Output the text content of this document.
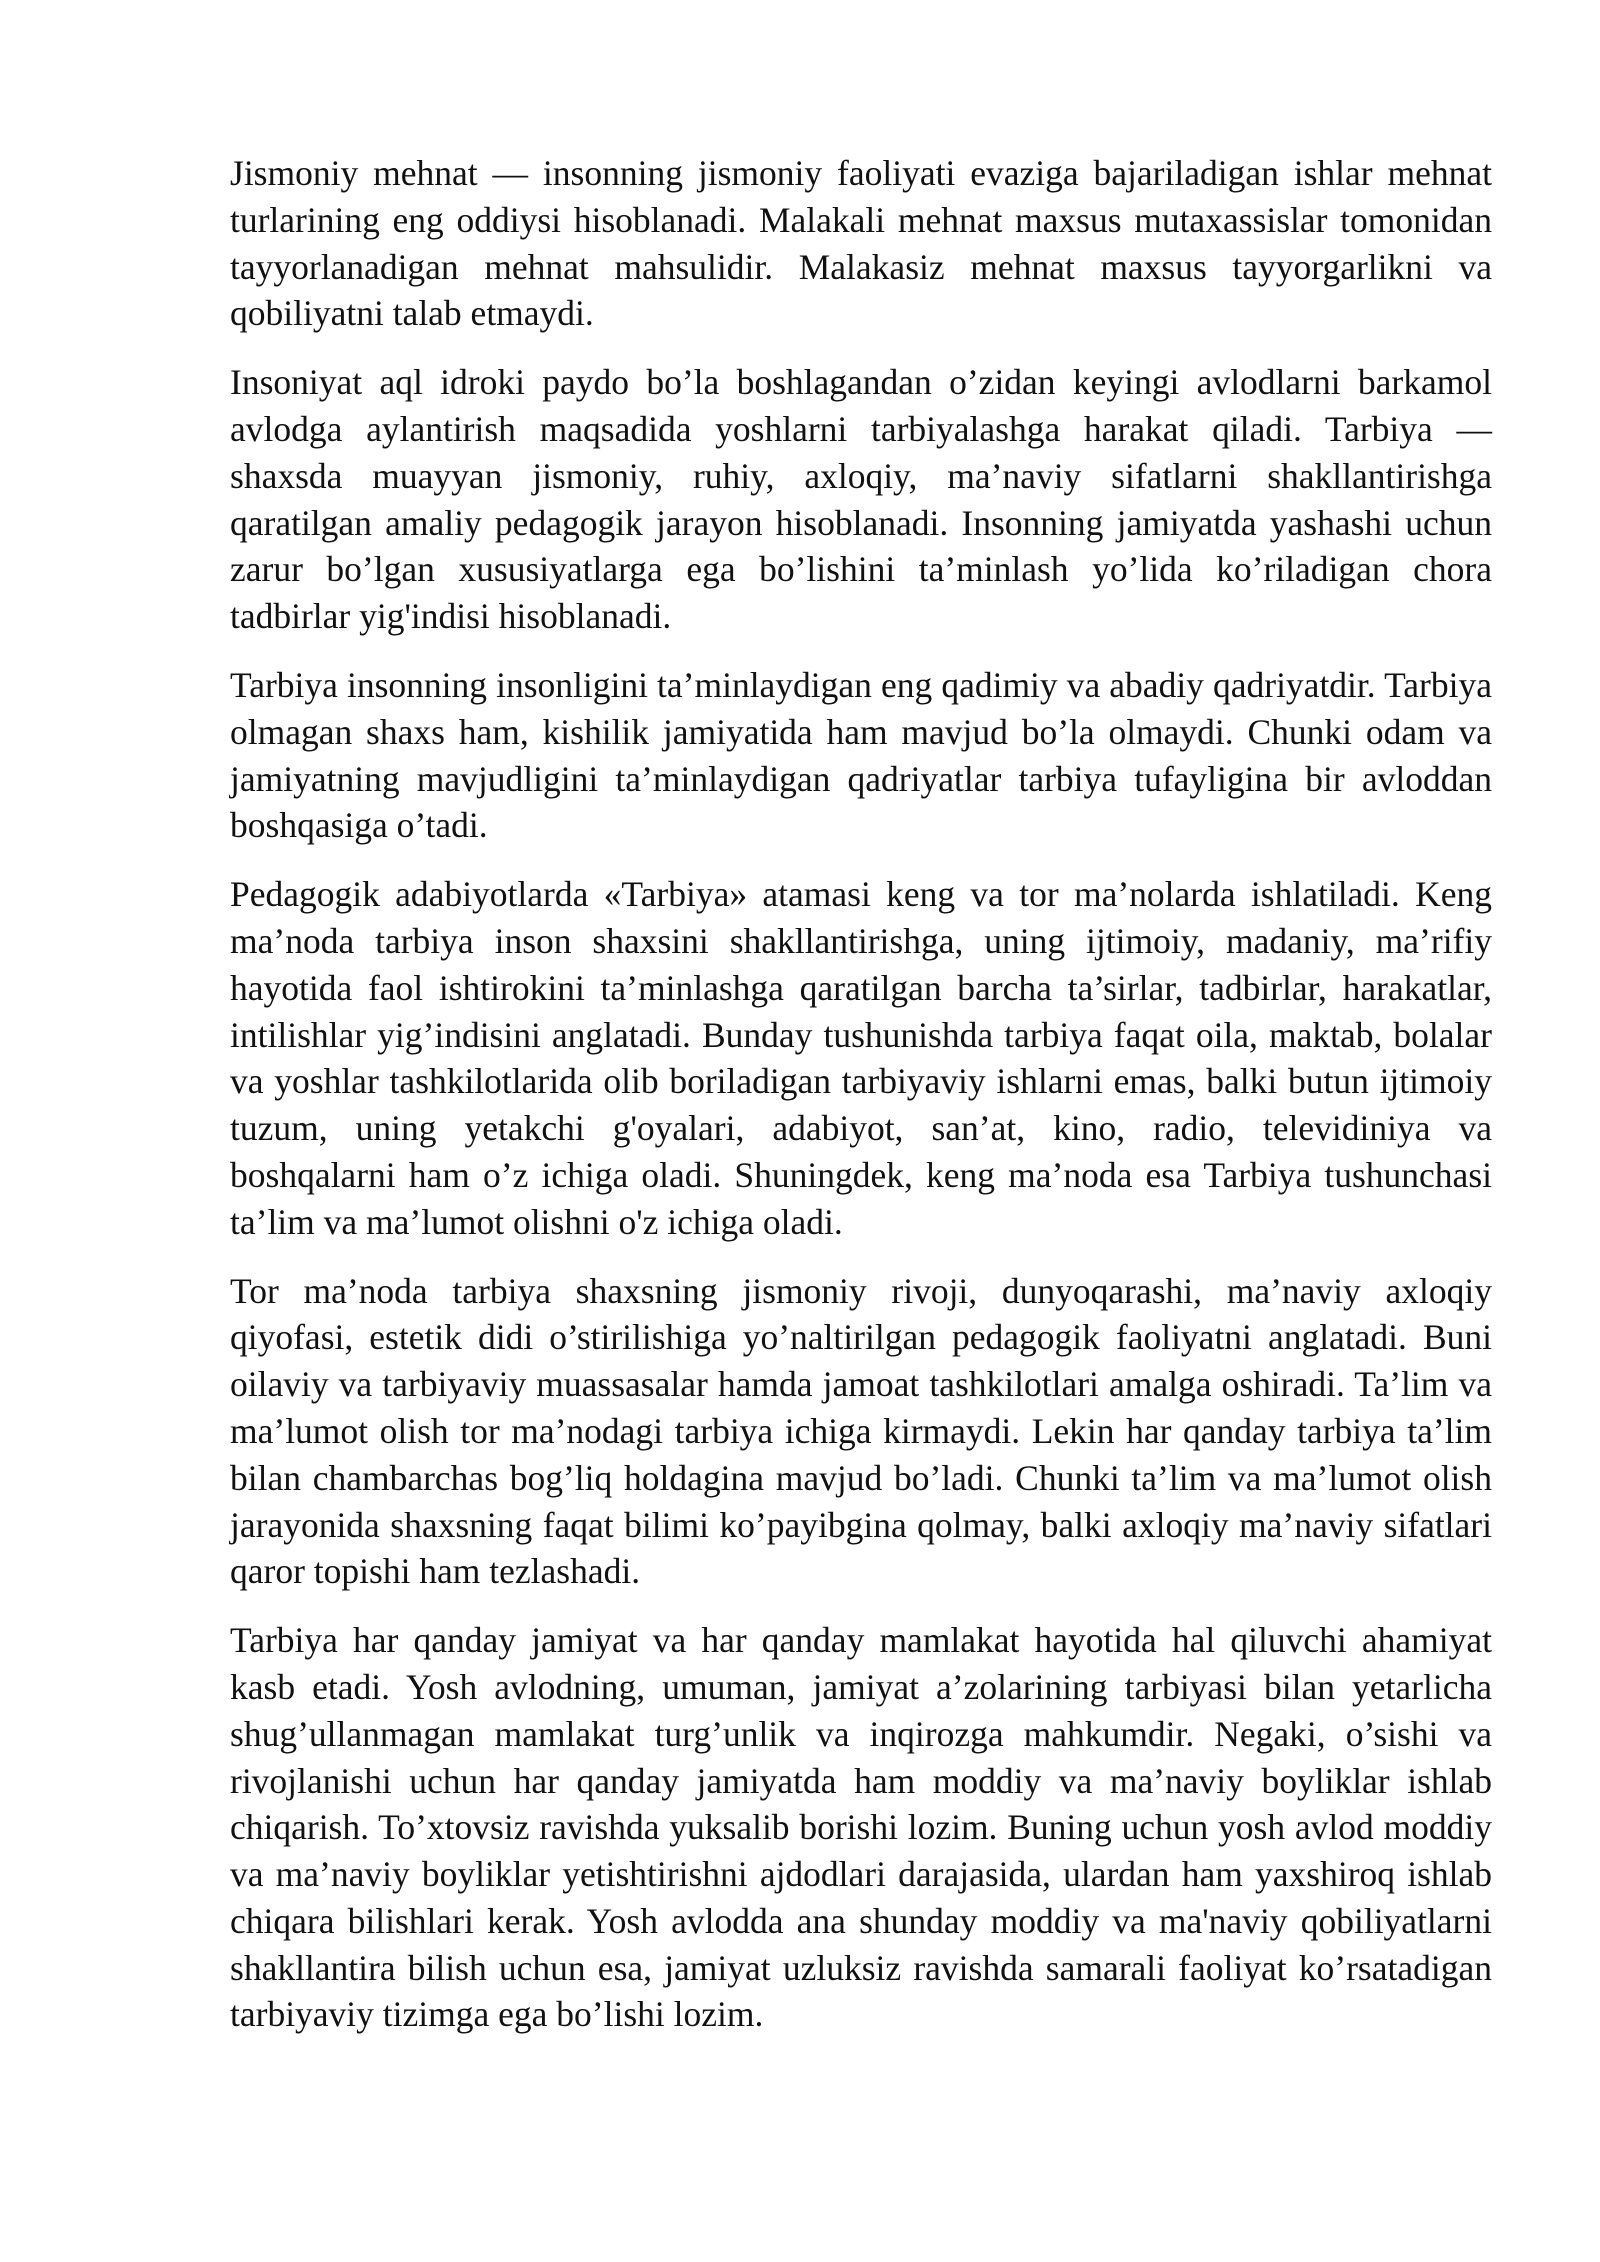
Jismoniy mehnat — insonning jismoniy faoliyati evaziga bajariladigan ishlar mehnat turlarining eng oddiysi hisoblanadi. Malakali mehnat maxsus mutaxassislar tomonidan tayyorlanadigan mehnat mahsulidir. Malakasiz mehnat maxsus tayyorgarlikni va qobiliyatni talab etmaydi.

Insoniyat aql idroki paydo bo’la boshlagandan o’zidan keyingi avlodlarni barkamol avlodga aylantirish maqsadida yoshlarni tarbiyalashga harakat qiladi. Tarbiya — shaxsda muayyan jismoniy, ruhiy, axloqiy, ma’naviy sifatlarni shakllantirishga qaratilgan amaliy pedagogik jarayon hisoblanadi. Insonning jamiyatda yashashi uchun zarur bo’lgan xususiyatlarga ega bo’lishini ta’minlash yo’lida ko’riladigan chora tadbirlar yig'indisi hisoblanadi.

Tarbiya insonning insonligini ta’minlaydigan eng qadimiy va abadiy qadriyatdir. Tarbiya olmagan shaxs ham, kishilik jamiyatida ham mavjud bo’la olmaydi. Chunki odam va jamiyatning mavjudligini ta’minlaydigan qadriyatlar tarbiya tufayligina bir avloddan boshqasiga o’tadi.

Pedagogik adabiyotlarda «Tarbiya» atamasi keng va tor ma’nolarda ishlatiladi. Keng ma’noda tarbiya inson shaxsini shakllantirishga, uning ijtimoiy, madaniy, ma’rifiy hayotida faol ishtirokini ta’minlashga qaratilgan barcha ta’sirlar, tadbirlar, harakatlar, intilishlar yig’indisini anglatadi. Bunday tushunishda tarbiya faqat oila, maktab, bolalar va yoshlar tashkilotlarida olib boriladigan tarbiyaviy ishlarni emas, balki butun ijtimoiy tuzum, uning yetakchi g'oyalari, adabiyot, san’at, kino, radio, televidiniya va boshqalarni ham o’z ichiga oladi. Shuningdek, keng ma’noda esa Tarbiya tushunchasi ta’lim va ma’lumot olishni o'z ichiga oladi.

Tor ma’noda tarbiya shaxsning jismoniy rivoji, dunyoqarashi, ma’naviy axloqiy qiyofasi, estetik didi o’stirilishiga yo’naltirilgan pedagogik faoliyatni anglatadi. Buni oilaviy va tarbiyaviy muassasalar hamda jamoat tashkilotlari amalga oshiradi. Ta’lim va ma’lumot olish tor ma’nodagi tarbiya ichiga kirmaydi. Lekin har qanday tarbiya ta’lim bilan chambarchas bog’liq holdagina mavjud bo’ladi. Chunki ta’lim va ma’lumot olish jarayonida shaxsning faqat bilimi ko’payibgina qolmay, balki axloqiy ma’naviy sifatlari qaror topishi ham tezlashadi.

Tarbiya har qanday jamiyat va har qanday mamlakat hayotida hal qiluvchi ahamiyat kasb etadi. Yosh avlodning, umuman, jamiyat a’zolarining tarbiyasi bilan yetarlicha shug’ullanmagan mamlakat turg’unlik va inqirozga mahkumdir. Negaki, o’sishi va rivojlanishi uchun har qanday jamiyatda ham moddiy va ma’naviy boyliklar ishlab chiqarish. To’xtovsiz ravishda yuksalib borishi lozim. Buning uchun yosh avlod moddiy va ma’naviy boyliklar yetishtirishni ajdodlari darajasida, ulardan ham yaxshiroq ishlab chiqara bilishlari kerak. Yosh avlodda ana shunday moddiy va ma'naviy qobiliyatlarni shakllantira bilish uchun esa, jamiyat uzluksiz ravishda samarali faoliyat ko’rsatadigan tarbiyaviy tizimga ega bo’lishi lozim.
